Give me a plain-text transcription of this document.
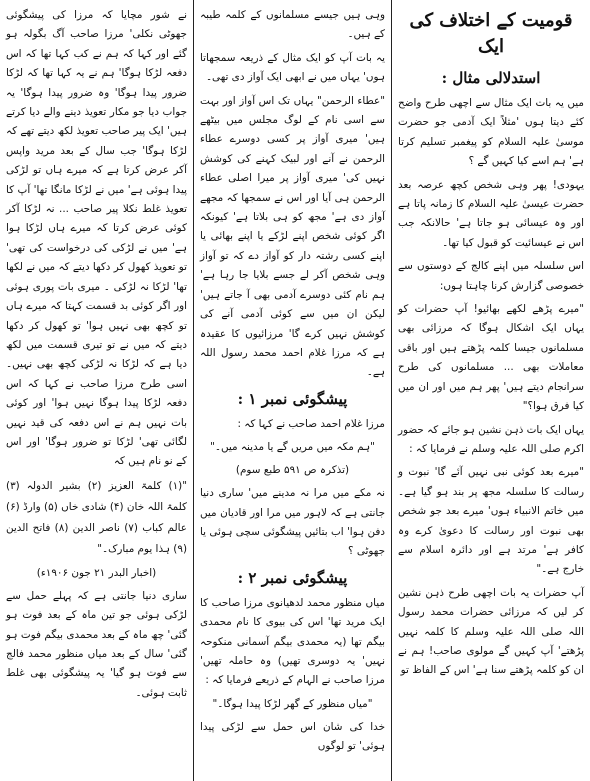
قومیت کے اختلاف کی ایک
استدلالی مثال :

میں یہ بات ایک مثال سے اچھی طرح واضح کئے دیتا ہوں 'مثلاً ایک آدمی جو حضرت موسیٰ علیہ السلام کو پیغمبر تسلیم کرتا ہے' ہم اسے کیا کہیں گے ؟

یہودی! پھر وہی شخص کچھ عرصہ بعد حضرت عیسیٰ علیہ السلام کا زمانہ پاتا ہے اور وہ عیسائی ہو جاتا ہے' حالانکہ جب اس نے عیسائیت کو قبول کیا تھا۔

اس سلسلہ میں اپنے کالج کے دوستوں سے خصوصی گزارش کرنا چاہتا ہوں:

"میرے پڑھے لکھے بھائیو! آپ حضرات کو یہاں ایک اشکال ہوگا کہ مرزائی بھی مسلمانوں جیسا کلمہ پڑھتے ہیں اور باقی معاملات بھی ... مسلمانوں کی طرح سرانجام دیتے ہیں' پھر ہم میں اور ان میں کیا فرق ہوا؟"

یہاں ایک بات ذہن نشین ہو جائے کہ حضور اکرم صلی اللہ علیہ وسلم نے فرمایا کہ :

"میرے بعد کوئی نبی نہیں آئے گا' نبوت و رسالت کا سلسلہ مجھ پر بند ہو گیا ہے۔ میں خاتم الانبیاء ہوں' میرے بعد جو شخص بھی نبوت اور رسالت کا دعویٰ کرے وہ کافر ہے' مرتد ہے اور دائرہ اسلام سے خارج ہے۔"

آپ حضرات یہ بات اچھی طرح ذہن نشین کر لیں کہ مرزائی حضرات محمد رسول اللہ صلی اللہ علیہ وسلم کا کلمہ نہیں پڑھتے' آپ کہیں گے مولوی صاحب! ہم نے ان کو کلمہ پڑھتے سنا ہے' اس کے الفاظ تو

وہی ہیں جیسے مسلمانوں کے کلمہ طیبہ کے ہیں۔

یہ بات آپ کو ایک مثال کے ذریعہ سمجھاتا ہوں' یہاں میں نے ابھی ایک آواز دی تھی۔

"عطاء الرحمن" یہاں تک اس آواز اور بہت سے اسی نام کے لوگ مجلس میں بیٹھے ہیں' میری آواز پر کسی دوسرے عطاء الرحمن نے آنے اور لبیک کہنے کی کوشش نہیں کی' میری آواز پر میرا اصلی عطاء الرحمن ہی آیا اور اس نے سمجھا کہ مجھے آواز دی ہے' مجھ کو ہی بلاتا ہے' کیونکہ اگر کوئی شخص اپنے لڑکے یا اپنے بھائی یا اپنے کسی رشتہ دار کو آواز دے کہ تو آواز وہی شخص آکر لے جسے بلایا جا رہا ہے' ہم نام کئی دوسرے آدمی بھی آ جاتے ہیں' لیکن ان میں سے کوئی آدمی آنے کی کوشش نہیں کرے گا' مرزائیوں کا عقیدہ ہے کہ مرزا غلام احمد محمد رسول اللہ ہے۔

پیشگوئی نمبر ۱ :

مرزا غلام احمد صاحب نے کہا کہ :

"ہم مکہ میں مریں گے یا مدینہ میں۔"
(تذکرہ ص ۵۹۱ طبع سوم)

نہ مکے میں مرا نہ مدینے میں' ساری دنیا جانتی ہے کہ لاہور میں مرا اور قادیان میں دفن ہوا' اب بتائیں پیشگوئی سچی ہوئی یا جھوٹی ؟

پیشگوئی نمبر ۲ :

میاں منظور محمد لدھیانوی مرزا صاحب کا ایک مرید تھا' اس کی بیوی کا نام محمدی بیگم تھا (یہ محمدی بیگم آسمانی منکوحہ نہیں' یہ دوسری تھیں) وہ حاملہ تھیں' مرزا صاحب نے الہام کے ذریعے فرمایا کہ :

"میاں منظور کے گھر لڑکا پیدا ہوگا۔"

خدا کی شان اس حمل سے لڑکی پیدا ہوئی' تو لوگوں

نے شور مچایا کہ مرزا کی پیشگوئی جھوٹی نکلی' مرزا صاحب آگ بگولہ ہو گئے اور کہا کہ ہم نے کب کہا تھا کہ اس دفعہ لڑکا ہوگا' ہم نے یہ کہا تھا کہ لڑکا ضرور پیدا ہوگا' وہ ضرور پیدا ہوگا' یہ جواب دیا جو مکار تعویذ دینے والے دیا کرتے ہیں' ایک پیر صاحب تعویذ لکھ دیتے تھے کہ لڑکا ہوگا' جب سال کے بعد مرید واپس آکر عرض کرتا ہے کہ میرے ہاں تو لڑکی پیدا ہوئی ہے' میں نے لڑکا مانگا تھا' آپ کا تعویذ غلط نکلا پیر صاحب ... نہ لڑکا آکر کوئی عرض کرتا کہ میرے ہاں لڑکا ہوا ہے' میں نے لڑکی کی درخواست کی تھی' تو تعویذ کھول کر دکھا دیتے کہ میں نے لکھا تھا' لڑکا نہ لڑکی ۔ میری بات پوری ہوئی اور اگر کوئی بد قسمت کہتا کہ میرے ہاں تو کچھ بھی نہیں ہوا' تو کھول کر دکھا دیتے کہ میں نے تو تیری قسمت میں لکھ دیا ہے کہ لڑکا نہ لڑکی کچھ بھی نہیں۔ اسی طرح مرزا صاحب نے کہا کہ اس دفعہ لڑکا پیدا ہوگا نہیں ہوا' اور کوئی بات نہیں ہم نے اس دفعہ کی قید نہیں لگائی تھی' لڑکا تو ضرور ہوگا' اور اس کے نو نام ہیں کہ

"(۱) کلمۃ العزیز (۲) بشیر الدولہ (۳) کلمۃ اللہ خان (۴) شادی خاں (۵) وارڈ (۶) عالم کباب (۷) ناصر الدین (۸) فاتح الدین (۹) ہذا یوم مبارک۔"
(اخبار البدر ۲۱ جون ۱۹۰۶ء)

ساری دنیا جانتی ہے کہ پہلے حمل سے لڑکی ہوئی جو تین ماہ کے بعد فوت ہو گئی' چھ ماہ کے بعد محمدی بیگم فوت ہو گئی' سال کے بعد میاں منظور محمد فالج سے فوت ہو گیا' یہ پیشگوئی بھی غلط ثابت ہوئی۔
